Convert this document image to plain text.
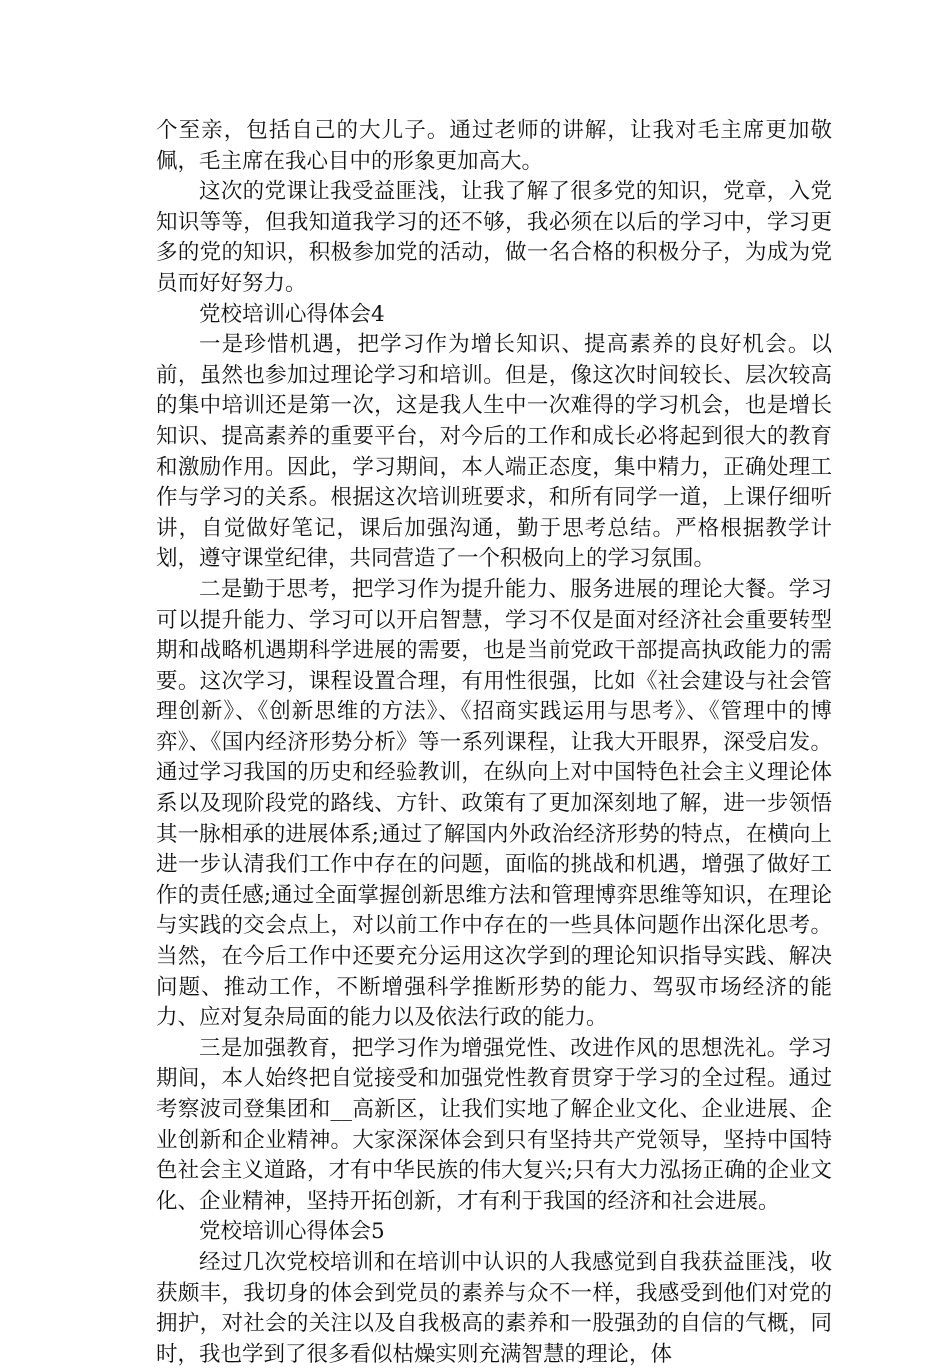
个至亲，包括自己的大儿子。通过老师的讲解，让我对毛主席更加敬佩，毛主席在我心目中的形象更加高大。

这次的党课让我受益匪浅，让我了解了很多党的知识，党章，入党知识等等，但我知道我学习的还不够，我必须在以后的学习中，学习更多的党的知识，积极参加党的活动，做一名合格的积极分子，为成为党员而好好努力。

党校培训心得体会4

一是珍惜机遇，把学习作为增长知识、提高素养的良好机会。以前，虽然也参加过理论学习和培训。但是，像这次时间较长、层次较高的集中培训还是第一次，这是我人生中一次难得的学习机会，也是增长知识、提高素养的重要平台，对今后的工作和成长必将起到很大的教育和激励作用。因此，学习期间，本人端正态度，集中精力，正确处理工作与学习的关系。根据这次培训班要求，和所有同学一道，上课仔细听讲，自觉做好笔记，课后加强沟通，勤于思考总结。严格根据教学计划，遵守课堂纪律，共同营造了一个积极向上的学习氛围。

二是勤于思考，把学习作为提升能力、服务进展的理论大餐。学习可以提升能力、学习可以开启智慧，学习不仅是面对经济社会重要转型期和战略机遇期科学进展的需要，也是当前党政干部提高执政能力的需要。这次学习，课程设置合理，有用性很强，比如《社会建设与社会管理创新》、《创新思维的方法》、《招商实践运用与思考》、《管理中的博弈》、《国内经济形势分析》等一系列课程，让我大开眼界，深受启发。通过学习我国的历史和经验教训，在纵向上对中国特色社会主义理论体系以及现阶段党的路线、方针、政策有了更加深刻地了解，进一步领悟其一脉相承的进展体系;通过了解国内外政治经济形势的特点，在横向上进一步认清我们工作中存在的问题，面临的挑战和机遇，增强了做好工作的责任感;通过全面掌握创新思维方法和管理博弈思维等知识，在理论与实践的交会点上，对以前工作中存在的一些具体问题作出深化思考。当然，在今后工作中还要充分运用这次学到的理论知识指导实践、解决问题、推动工作，不断增强科学推断形势的能力、驾驭市场经济的能力、应对复杂局面的能力以及依法行政的能力。

三是加强教育，把学习作为增强党性、改进作风的思想洗礼。学习期间，本人始终把自觉接受和加强党性教育贯穿于学习的全过程。通过考察波司登集团和__高新区，让我们实地了解企业文化、企业进展、企业创新和企业精神。大家深深体会到只有坚持共产党领导，坚持中国特色社会主义道路，才有中华民族的伟大复兴;只有大力泓扬正确的企业文化、企业精神，坚持开拓创新，才有利于我国的经济和社会进展。

党校培训心得体会5

经过几次党校培训和在培训中认识的人我感觉到自我获益匪浅，收获颇丰，我切身的体会到党员的素养与众不一样，我感受到他们对党的拥护，对社会的关注以及自我极高的素养和一股强劲的自信的气概，同时，我也学到了很多看似枯燥实则充满智慧的理论，体
